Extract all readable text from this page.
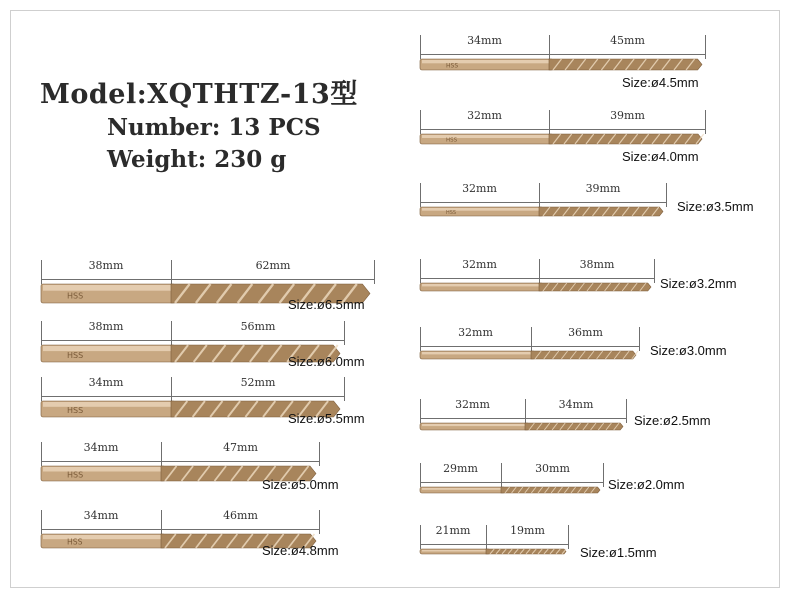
Model:XQTHTZ-13型
Number: 13 PCS
Weight: 230 g
38mm	62mm
HSS
Size:ø6.5mm
38mm	56mm
HSS	Size:ø6.0mm
34mm	52mm
HSS
Size:ø5.5mm
34mm	47mm
HSS
Size:ø5.0mm
34mm	46mm
HSS
Size:ø4.8mm
34mm	45mm
HSS
Size:ø4.5mm
32mm	39mm
HSS
Size:ø4.0mm
32mm	39mm
HSS	Size:ø3.5mm
32mm	38mm
Size:ø3.2mm
32mm	36mm
Size:ø3.0mm
32mm	34mm
Size:ø2.5mm
29mm	30mm
Size:ø2.0mm
21mm	19mm
Size:ø1.5mm
